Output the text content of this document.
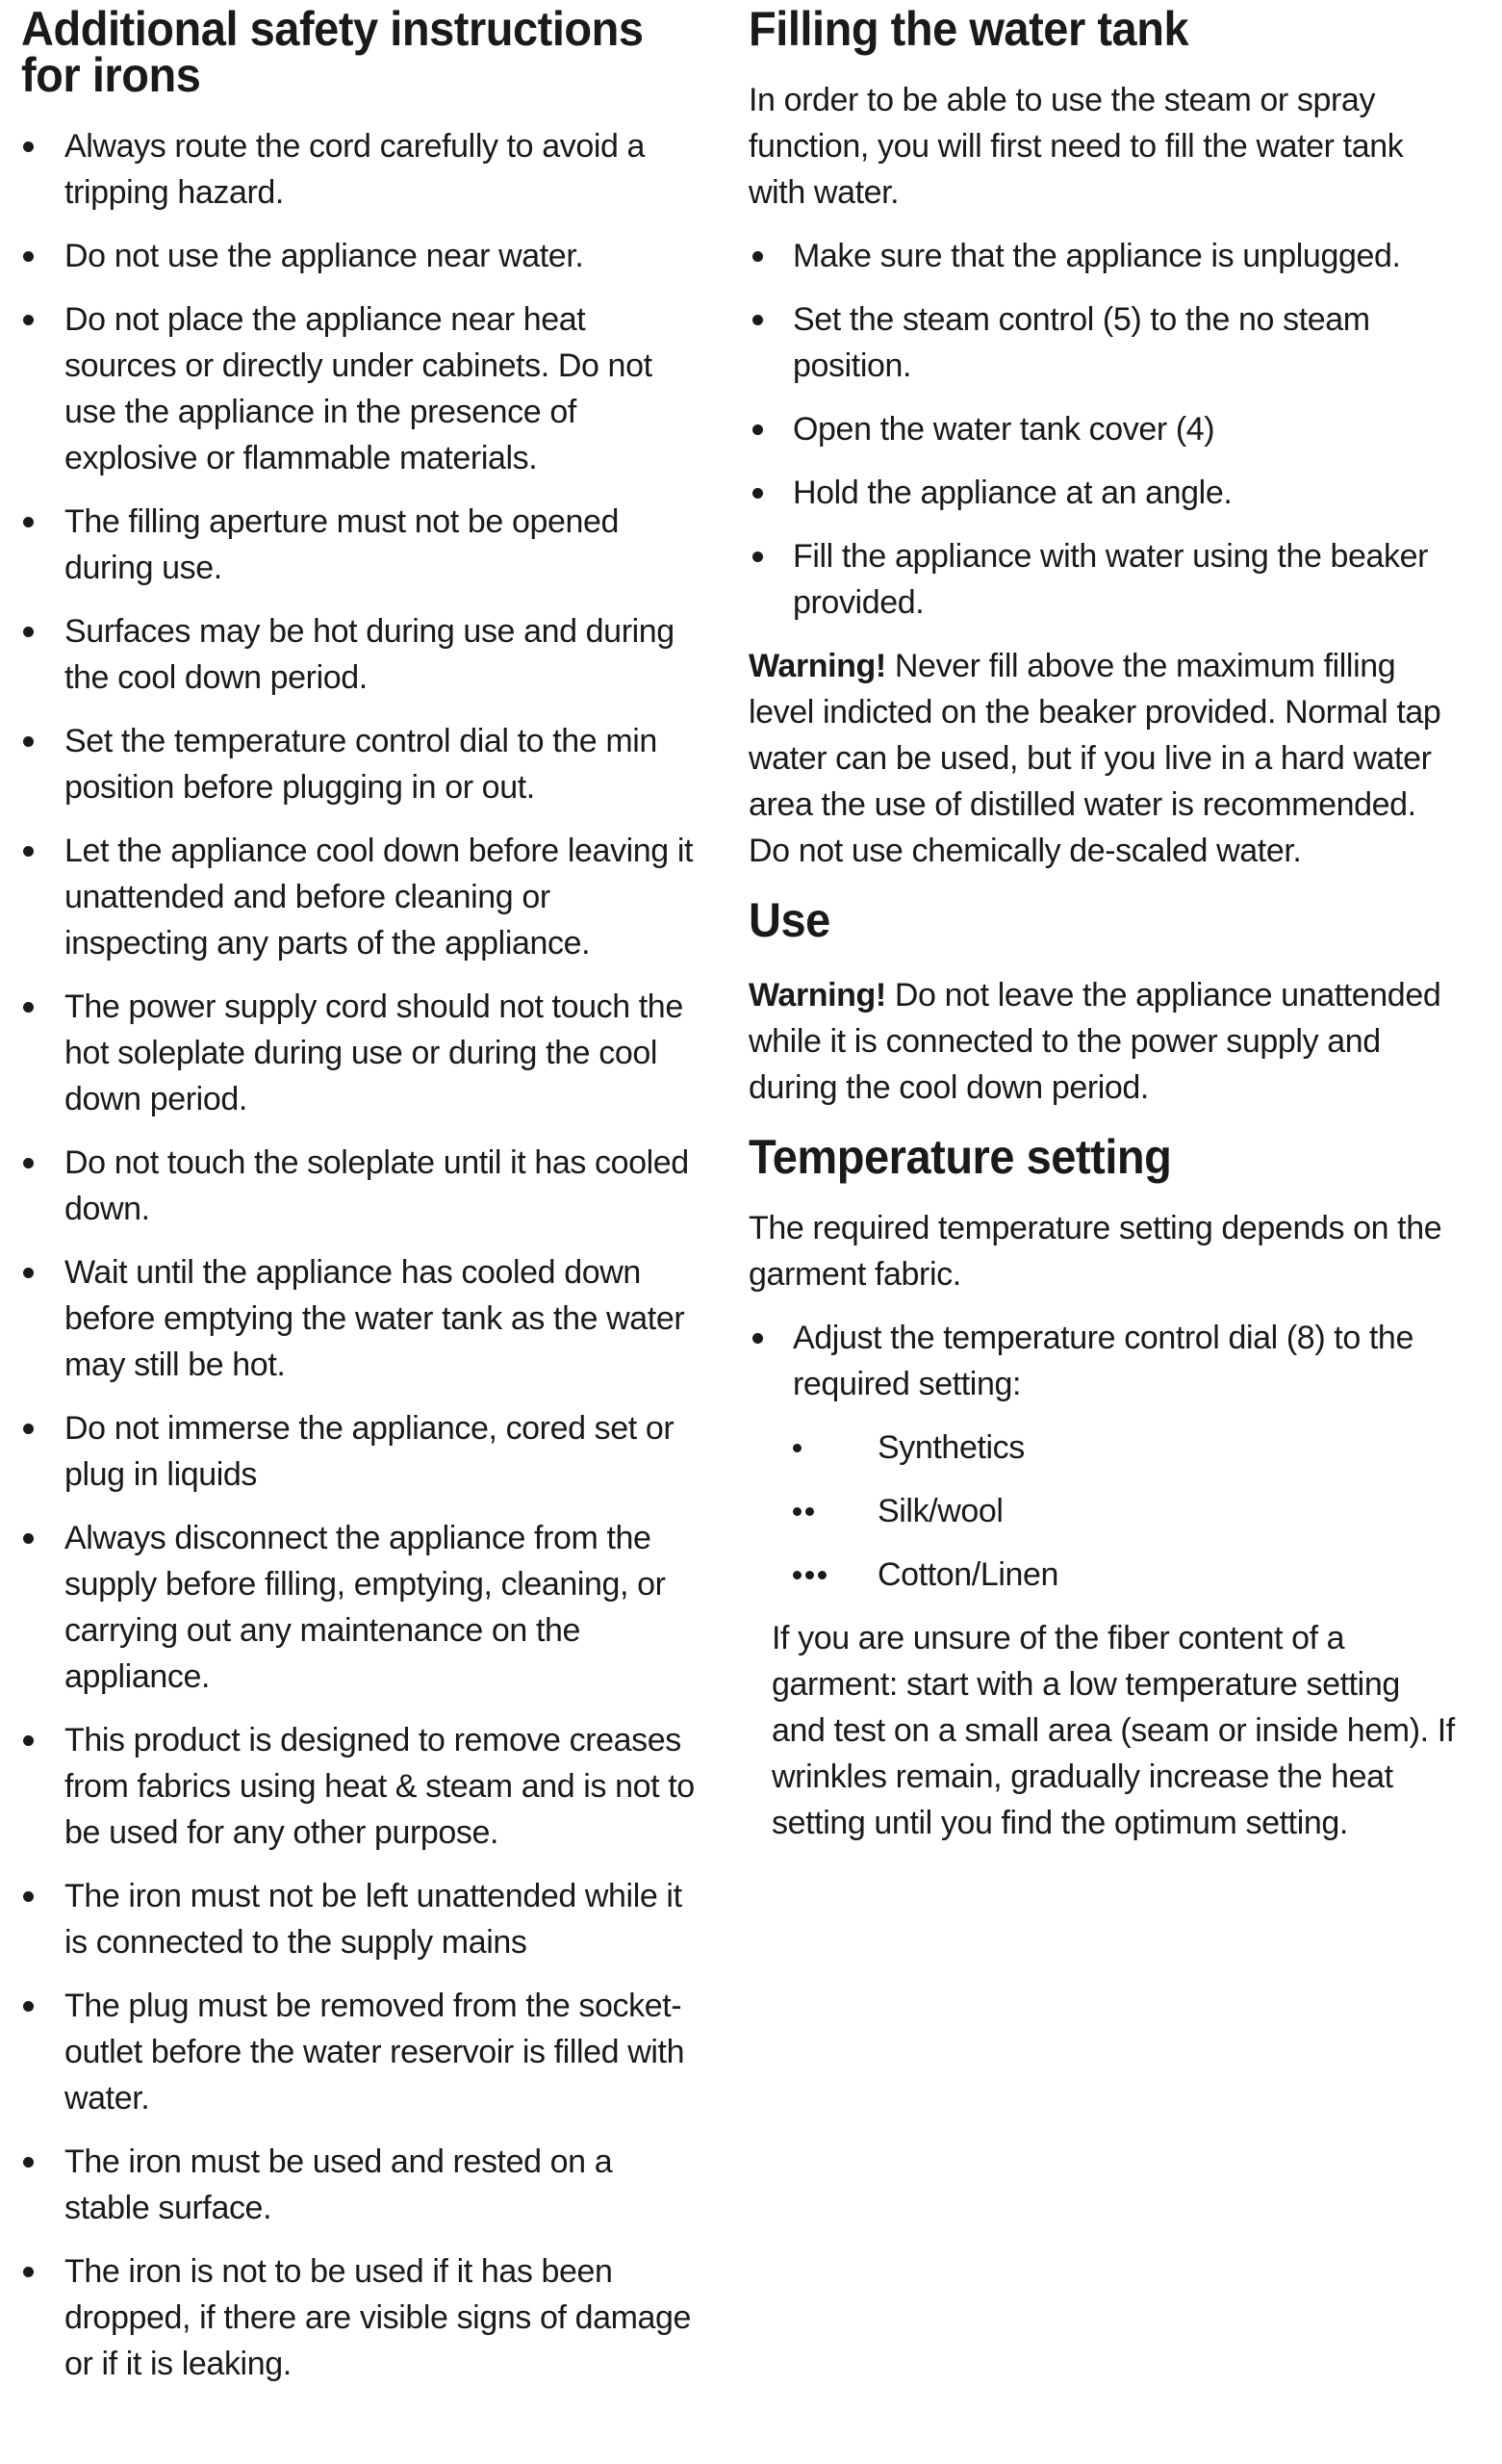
Additional safety instructions for irons
Always route the cord carefully to avoid a tripping hazard.
Do not use the appliance near water.
Do not place the appliance near heat sources or directly under cabinets. Do not use the appliance in the presence of explosive or flammable materials.
The filling aperture must not be opened during use.
Surfaces may be hot during use and during the cool down period.
Set the temperature control dial to the min position before plugging in or out.
Let the appliance cool down before leaving it unattended and before cleaning or inspecting any parts of the appliance.
The power supply cord should not touch the hot soleplate during use or during the cool down period.
Do not touch the soleplate until it has cooled down.
Wait until the appliance has cooled down before emptying the water tank as the water may still be hot.
Do not immerse the appliance, cored set or plug in liquids
Always disconnect the appliance from the supply before filling, emptying, cleaning, or carrying out any maintenance on the appliance.
This product is designed to remove creases from fabrics using heat & steam and is not to be used for any other purpose.
The iron must not be left unattended while it is connected to the supply mains
The plug must be removed from the socket-outlet before the water reservoir is filled with water.
The iron must be used and rested on a stable surface.
The iron is not to be used if it has been dropped, if there are visible signs of damage or if it is leaking.
Filling the water tank

In order to be able to use the steam or spray function, you will first need to fill the water tank with water.

Make sure that the appliance is unplugged.
Set the steam control (5) to the no steam position.
Open the water tank cover (4)
Hold the appliance at an angle.
Fill the appliance with water using the beaker provided.

Warning! Never fill above the maximum filling level indicted on the beaker provided. Normal tap water can be used, but if you live in a hard water area the use of distilled water is recommended. Do not use chemically de-scaled water.

Use

Warning! Do not leave the appliance unattended while it is connected to the power supply and during the cool down period.

Temperature setting

The required temperature setting depends on the garment fabric.

Adjust the temperature control dial (8) to the required setting:
Synthetics
Silk/wool
Cotton/Linen

If you are unsure of the fiber content of a garment: start with a low temperature setting and test on a small area (seam or inside hem). If wrinkles remain, gradually increase the heat setting until you find the optimum setting.
